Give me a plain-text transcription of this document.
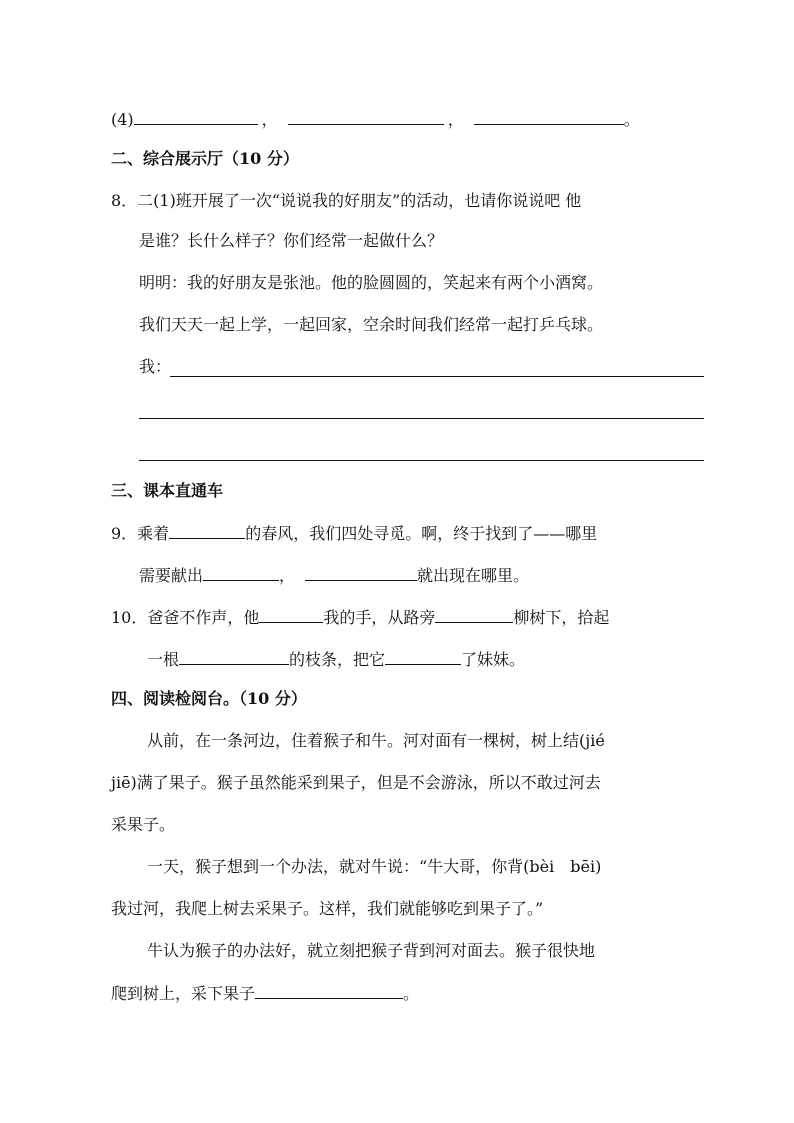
(4)	，	，	。
二、综合展示厅（10 分）
8．二(1)班开展了一次“说说我的好朋友”的活动，也请你说说吧 他
是谁？长什么样子？你们经常一起做什么？
明明：我的好朋友是张池。他的脸圆圆的，笑起来有两个小酒窝。
我们天天一起上学，一起回家，空余时间我们经常一起打乒乓球。
我：
三、课本直通车
9．乘着	的春风，我们四处寻觅。啊，终于找到了——哪里
需要献出	，	就出现在哪里。
10．爸爸不作声，他	我的手，从路旁	柳树下，拾起
一根	的枝条，把它	了妹妹。
四、阅读检阅台。（10 分）
从前，在一条河边，住着猴子和牛。河对面有一棵树，树上结(jié
jiē)满了果子。猴子虽然能采到果子，但是不会游泳，所以不敢过河去
采果子。
一天，猴子想到一个办法，就对牛说：“牛大哥，你背(bèi　bēi)
我过河，我爬上树去采果子。这样，我们就能够吃到果子了。”
牛认为猴子的办法好，就立刻把猴子背到河对面去。猴子很快地
爬到树上，采下果子	。
